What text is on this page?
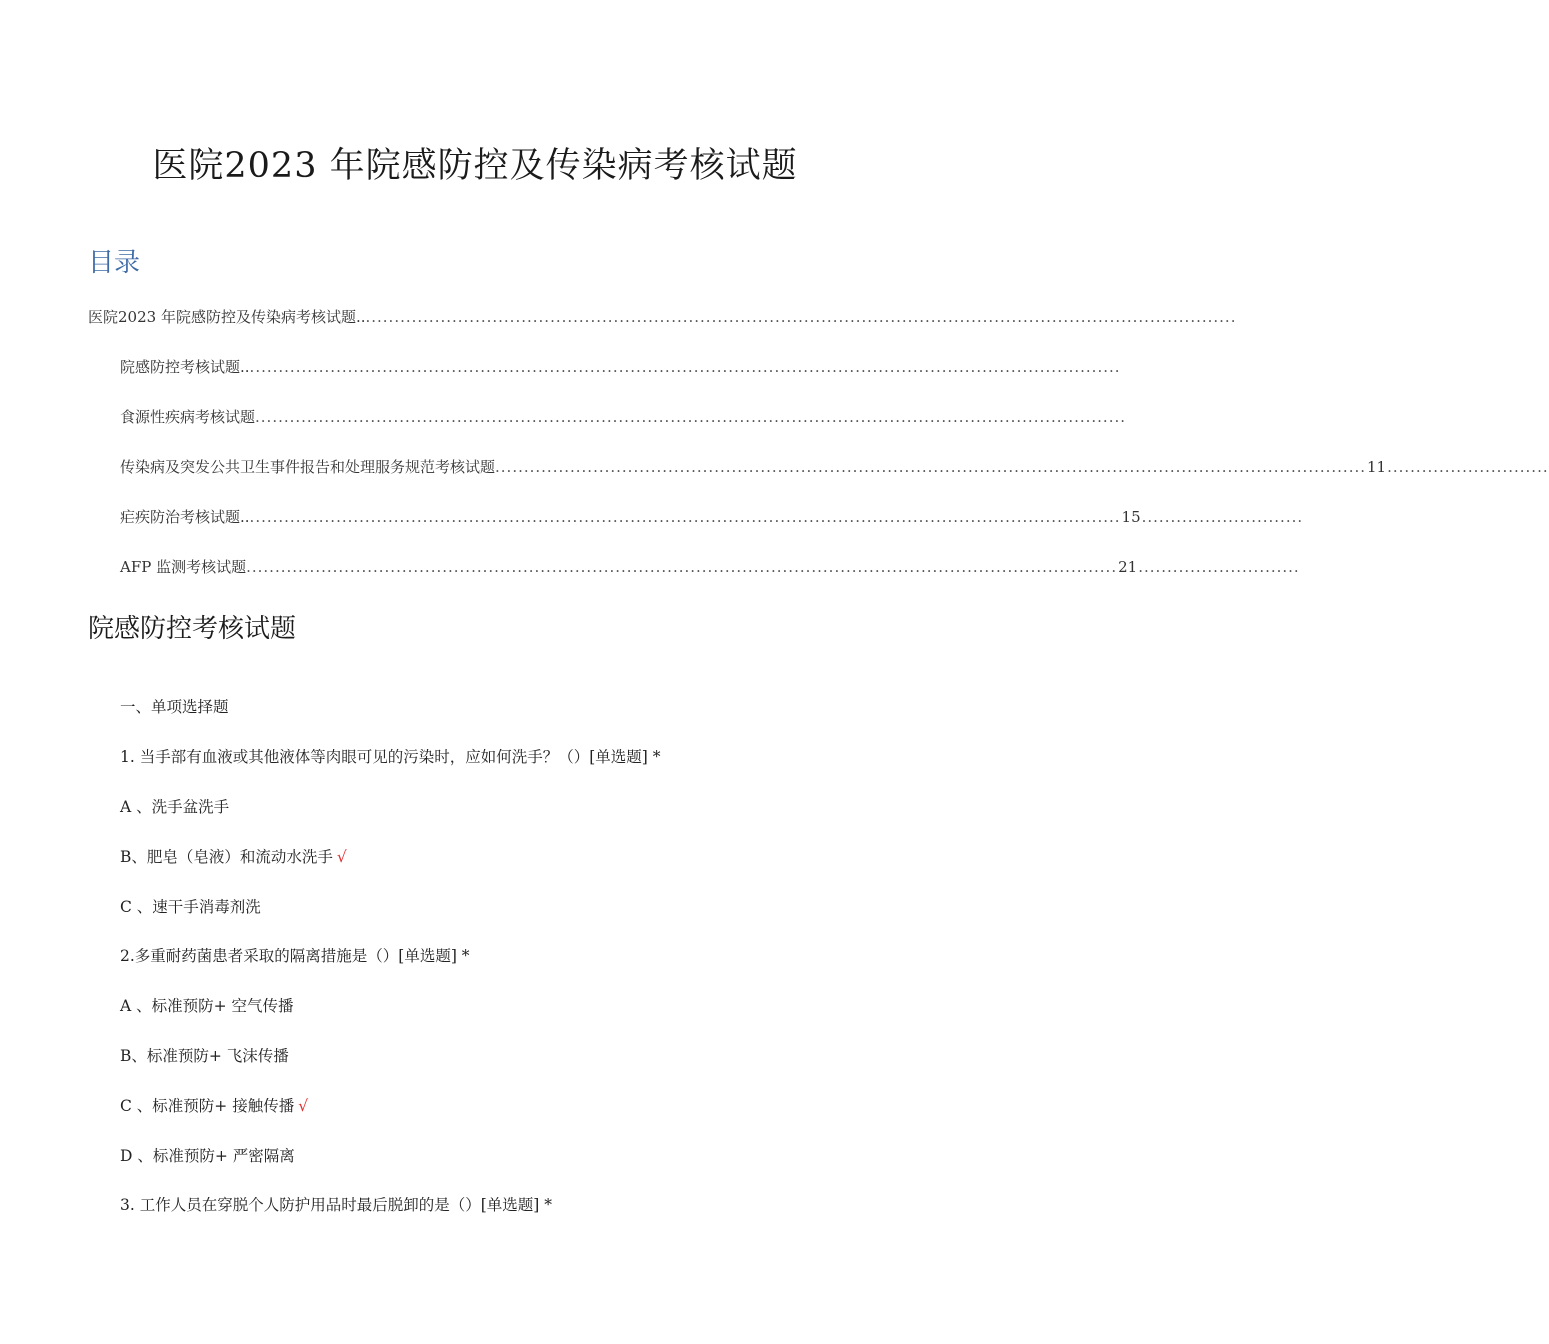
医院2023 年院感防控及传染病考核试题
目录
医院2023 年院感防控及传染病考核试题.. .......................................................................................................................................................
院感防控考核试题.. .......................................................................................................................................................
食源性疾病考核试题 .......................................................................................................................................................
传染病及突发公共卫生事件报告和处理服务规范考核试题 ....................................................................................................................................................... 11 ............................
疟疾防治考核试题.. ....................................................................................................................................................... 15 ............................
AFP 监测考核试题 ....................................................................................................................................................... 21 ............................
院感防控考核试题
一、单项选择题
1. 当手部有血液或其他液体等肉眼可见的污染时，应如何洗手？（）[单选题] *
A 、洗手盆洗手
B、肥皂（皂液）和流动水洗手 √
C 、速干手消毒剂洗
2.多重耐药菌患者采取的隔离措施是（）[单选题] *
A 、标准预防+ 空气传播
B、标准预防+ 飞沫传播
C 、标准预防+ 接触传播 √
D 、标准预防+ 严密隔离
3. 工作人员在穿脱个人防护用品时最后脱卸的是（）[单选题] *
